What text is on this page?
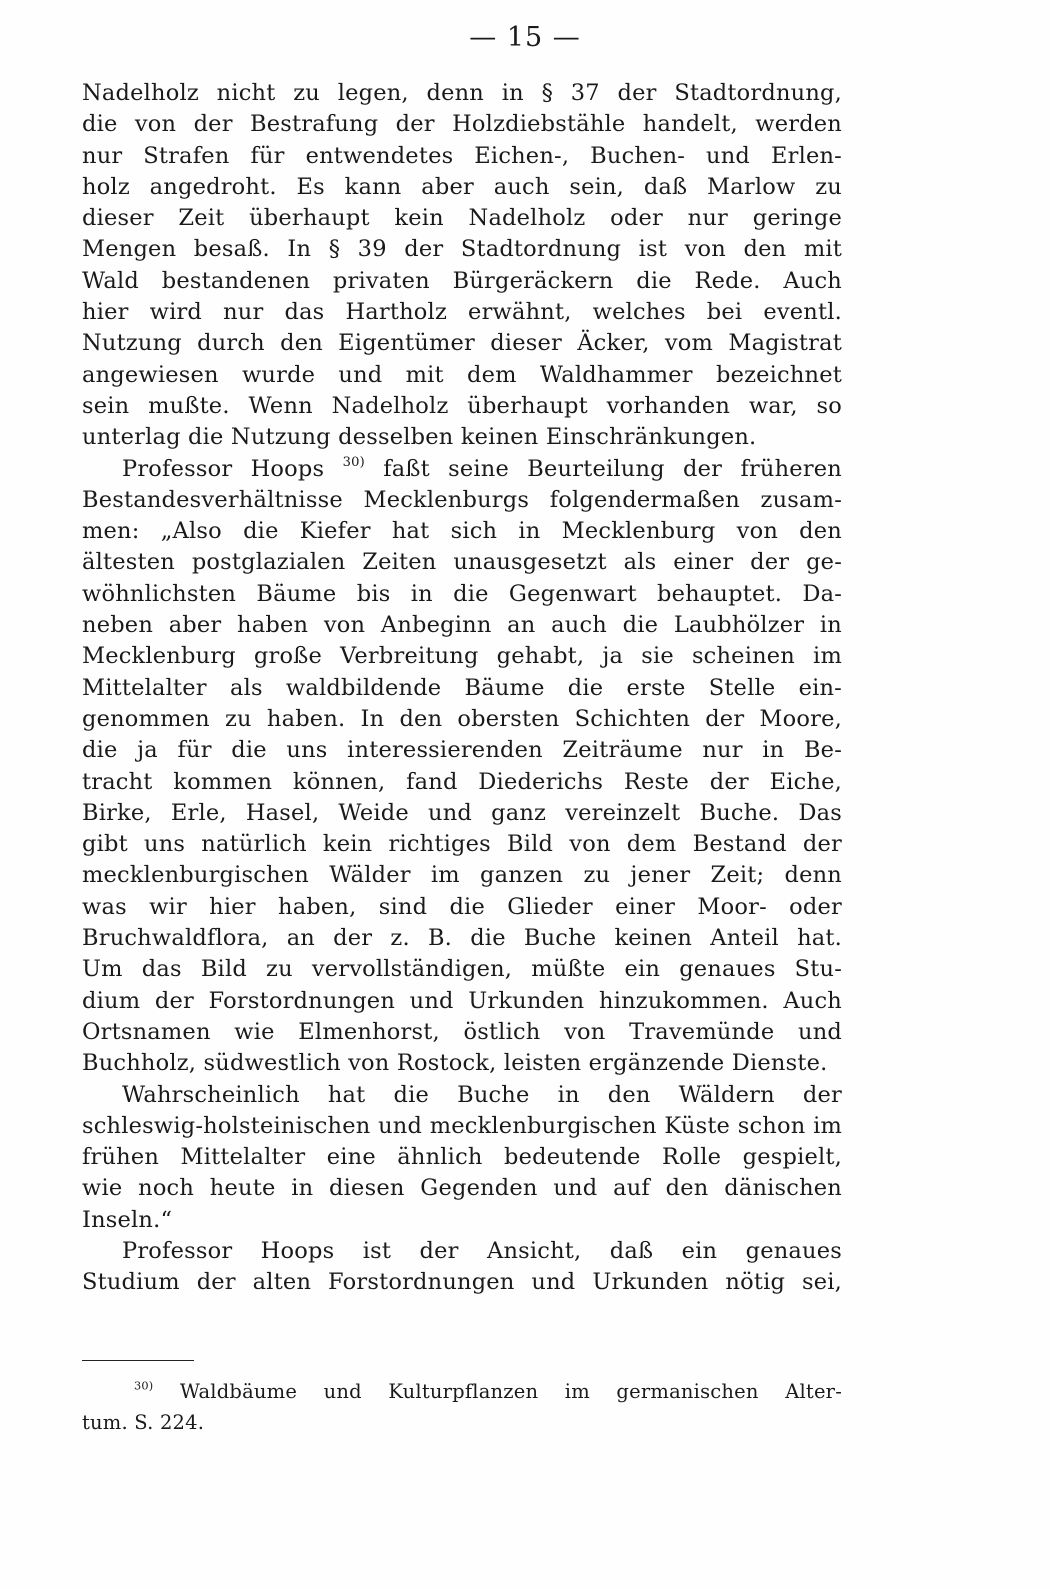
— 15 —
Nadelholz nicht zu legen, denn in § 37 der Stadtordnung,
die von der Bestrafung der Holzdiebstähle handelt, werden
nur Strafen für entwendetes Eichen-, Buchen- und Erlen-
holz angedroht. Es kann aber auch sein, daß Marlow zu
dieser Zeit überhaupt kein Nadelholz oder nur geringe
Mengen besaß. In § 39 der Stadtordnung ist von den mit
Wald bestandenen privaten Bürgeräckern die Rede. Auch
hier wird nur das Hartholz erwähnt, welches bei eventl.
Nutzung durch den Eigentümer dieser Äcker, vom Magistrat
angewiesen wurde und mit dem Waldhammer bezeichnet
sein mußte. Wenn Nadelholz überhaupt vorhanden war, so
unterlag die Nutzung desselben keinen Einschränkungen.
Professor Hoops $^{30)}$ faßt seine Beurteilung der früheren
Bestandesverhältnisse Mecklenburgs folgendermaßen zusam-
men: „Also die Kiefer hat sich in Mecklenburg von den
ältesten postglazialen Zeiten unausgesetzt als einer der ge-
wöhnlichsten Bäume bis in die Gegenwart behauptet. Da-
neben aber haben von Anbeginn an auch die Laubhölzer in
Mecklenburg große Verbreitung gehabt, ja sie scheinen im
Mittelalter als waldbildende Bäume die erste Stelle ein-
genommen zu haben. In den obersten Schichten der Moore,
die ja für die uns interessierenden Zeiträume nur in Be-
tracht kommen können, fand Diederichs Reste der Eiche,
Birke, Erle, Hasel, Weide und ganz vereinzelt Buche. Das
gibt uns natürlich kein richtiges Bild von dem Bestand der
mecklenburgischen Wälder im ganzen zu jener Zeit; denn
was wir hier haben, sind die Glieder einer Moor- oder
Bruchwaldflora, an der z. B. die Buche keinen Anteil hat.
Um das Bild zu vervollständigen, müßte ein genaues Stu-
dium der Forstordnungen und Urkunden hinzukommen. Auch
Ortsnamen wie Elmenhorst, östlich von Travemünde und
Buchholz, südwestlich von Rostock, leisten ergänzende Dienste.
Wahrscheinlich hat die Buche in den Wäldern der
schleswig-holsteinischen und mecklenburgischen Küste schon im
frühen Mittelalter eine ähnlich bedeutende Rolle gespielt,
wie noch heute in diesen Gegenden und auf den dänischen
Inseln.“
Professor Hoops ist der Ansicht, daß ein genaues
Studium der alten Forstordnungen und Urkunden nötig sei,
$^{30)}$ Waldbäume und Kulturpflanzen im germanischen Alter-
tum. S. 224.
